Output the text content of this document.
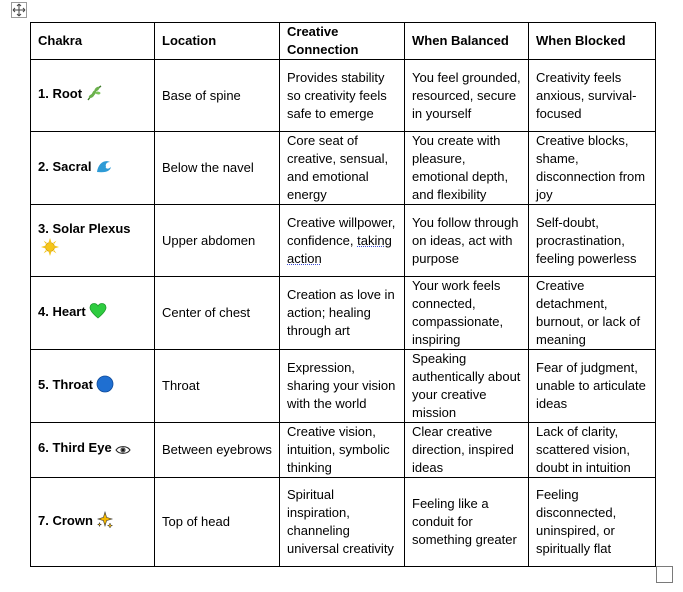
Chakra	Location	Creative Connection	When Balanced	When Blocked
1. Root	Base of spine	Provides stability so creativity feels safe to emerge	You feel grounded, resourced, secure in yourself	Creativity feels anxious, survival-focused
2. Sacral	Below the navel	Core seat of creative, sensual, and emotional energy	You create with pleasure, emotional depth, and flexibility	Creative blocks, shame, disconnection from joy
3. Solar Plexus	Upper abdomen	Creative willpower, confidence, taking action	You follow through on ideas, act with purpose	Self-doubt, procrastination, feeling powerless
4. Heart	Center of chest	Creation as love in action; healing through art	Your work feels connected, compassionate, inspiring	Creative detachment, burnout, or lack of meaning
5. Throat	Throat	Expression, sharing your vision with the world	Speaking authentically about your creative mission	Fear of judgment, unable to articulate ideas
6. Third Eye	Between eyebrows	Creative vision, intuition, symbolic thinking	Clear creative direction, inspired ideas	Lack of clarity, scattered vision, doubt in intuition
7. Crown	Top of head	Spiritual inspiration, channeling universal creativity	Feeling like a conduit for something greater	Feeling disconnected, uninspired, or spiritually flat
